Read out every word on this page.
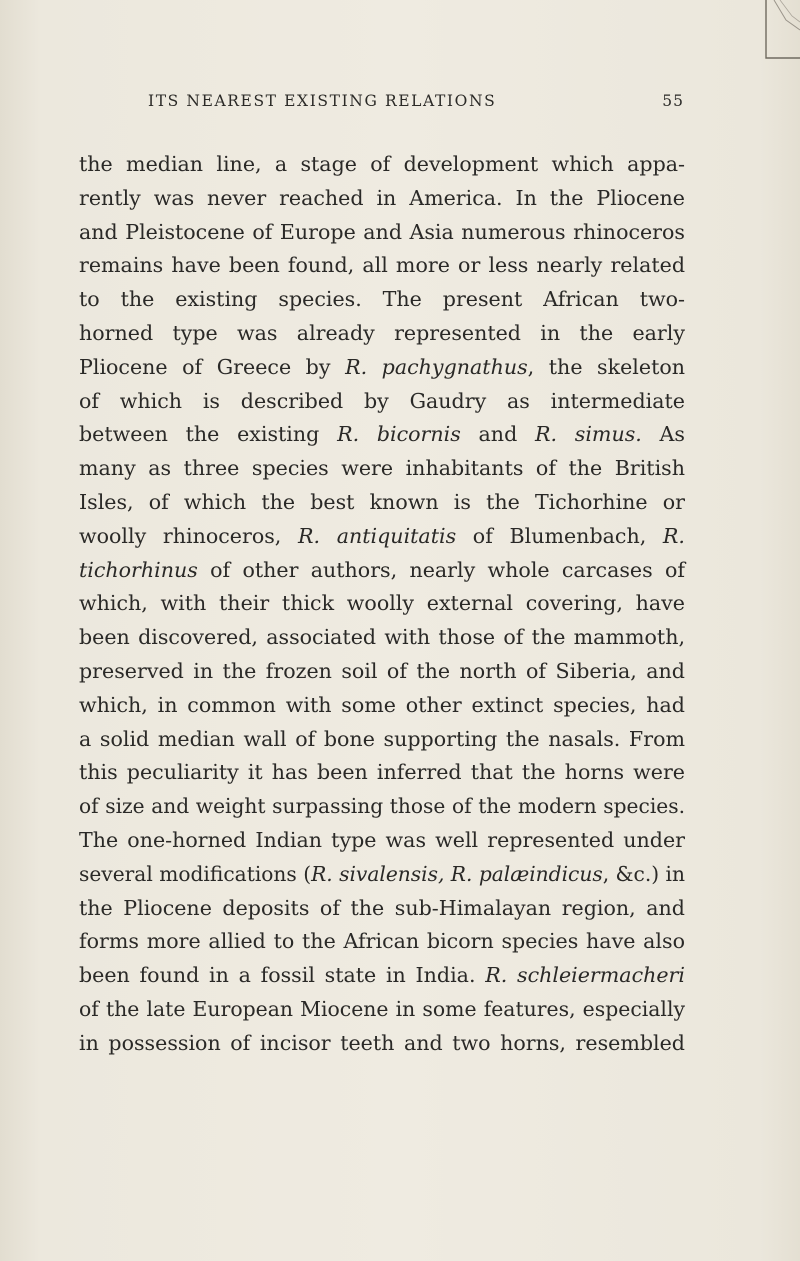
ITS NEAREST EXISTING RELATIONS	55
the median line, a stage of development which appa-
rently was never reached in America. In the Pliocene
and Pleistocene of Europe and Asia numerous rhinoceros
remains have been found, all more or less nearly related
to the existing species. The present African two-
horned type was already represented in the early
Pliocene of Greece by R. pachygnathus, the skeleton
of which is described by Gaudry as intermediate
between the existing R. bicornis and R. simus. As
many as three species were inhabitants of the British
Isles, of which the best known is the Tichorhine or
woolly rhinoceros, R. antiquitatis of Blumenbach, R.
tichorhinus of other authors, nearly whole carcases of
which, with their thick woolly external covering, have
been discovered, associated with those of the mammoth,
preserved in the frozen soil of the north of Siberia, and
which, in common with some other extinct species, had
a solid median wall of bone supporting the nasals. From
this peculiarity it has been inferred that the horns were
of size and weight surpassing those of the modern species.
The one-horned Indian type was well represented under
several modifications (R. sivalensis, R. palæindicus, &c.) in
the Pliocene deposits of the sub-Himalayan region, and
forms more allied to the African bicorn species have also
been found in a fossil state in India. R. schleiermacheri
of the late European Miocene in some features, especially
in possession of incisor teeth and two horns, resembled
